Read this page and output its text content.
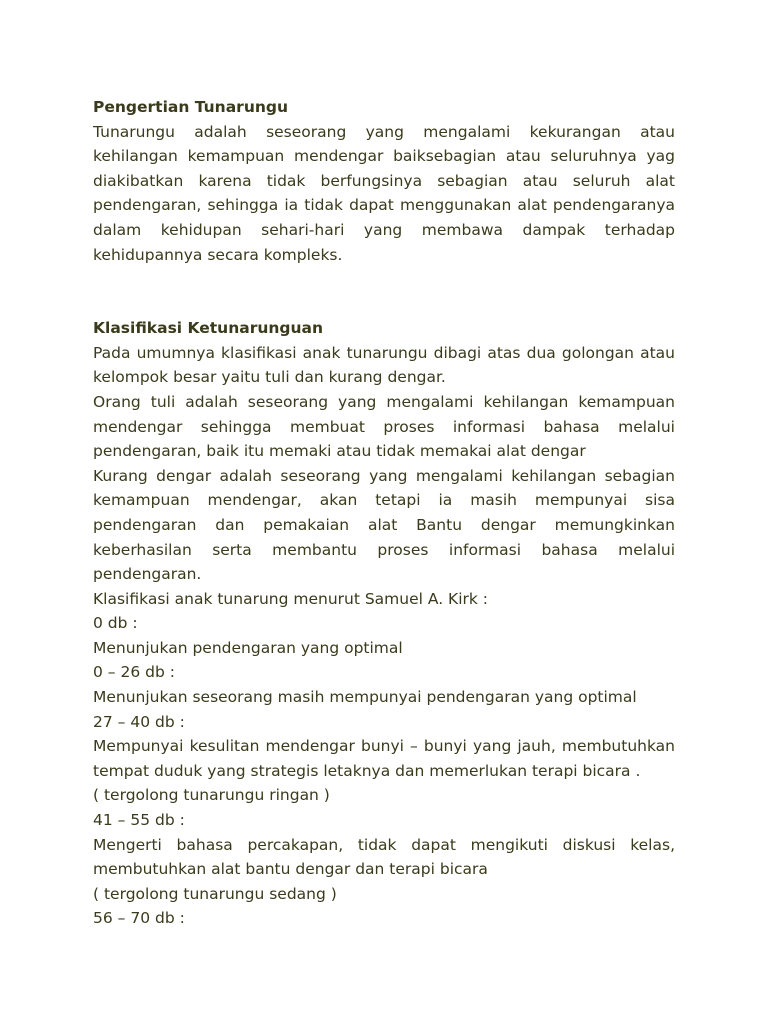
Pengertian Tunarungu

Tunarungu adalah seseorang yang mengalami kekurangan atau kehilangan kemampuan mendengar baiksebagian atau seluruhnya yag diakibatkan karena tidak berfungsinya sebagian atau seluruh alat pendengaran, sehingga ia tidak dapat menggunakan alat pendengaranya dalam kehidupan sehari-hari yang membawa dampak terhadap kehidupannya secara kompleks.

Klasifikasi Ketunarunguan

Pada umumnya klasifikasi anak tunarungu dibagi atas dua golongan atau kelompok besar yaitu tuli dan kurang dengar.

Orang tuli adalah seseorang yang mengalami kehilangan kemampuan mendengar sehingga membuat proses informasi bahasa melalui pendengaran, baik itu memaki atau tidak memakai alat dengar

Kurang dengar adalah seseorang yang mengalami kehilangan sebagian kemampuan mendengar, akan tetapi ia masih mempunyai sisa pendengaran dan pemakaian alat Bantu dengar memungkinkan keberhasilan serta membantu proses informasi bahasa melalui pendengaran.

Klasifikasi anak tunarung menurut Samuel A. Kirk :

0 db :

Menunjukan pendengaran yang optimal

0 – 26 db :

Menunjukan seseorang masih mempunyai pendengaran yang optimal

27 – 40 db :

Mempunyai kesulitan mendengar bunyi – bunyi yang jauh, membutuhkan tempat duduk yang strategis letaknya dan memerlukan terapi bicara .

( tergolong tunarungu ringan )

41 – 55 db :

Mengerti bahasa percakapan, tidak dapat mengikuti diskusi kelas, membutuhkan alat bantu dengar dan terapi bicara

( tergolong tunarungu sedang )

56 – 70 db :
